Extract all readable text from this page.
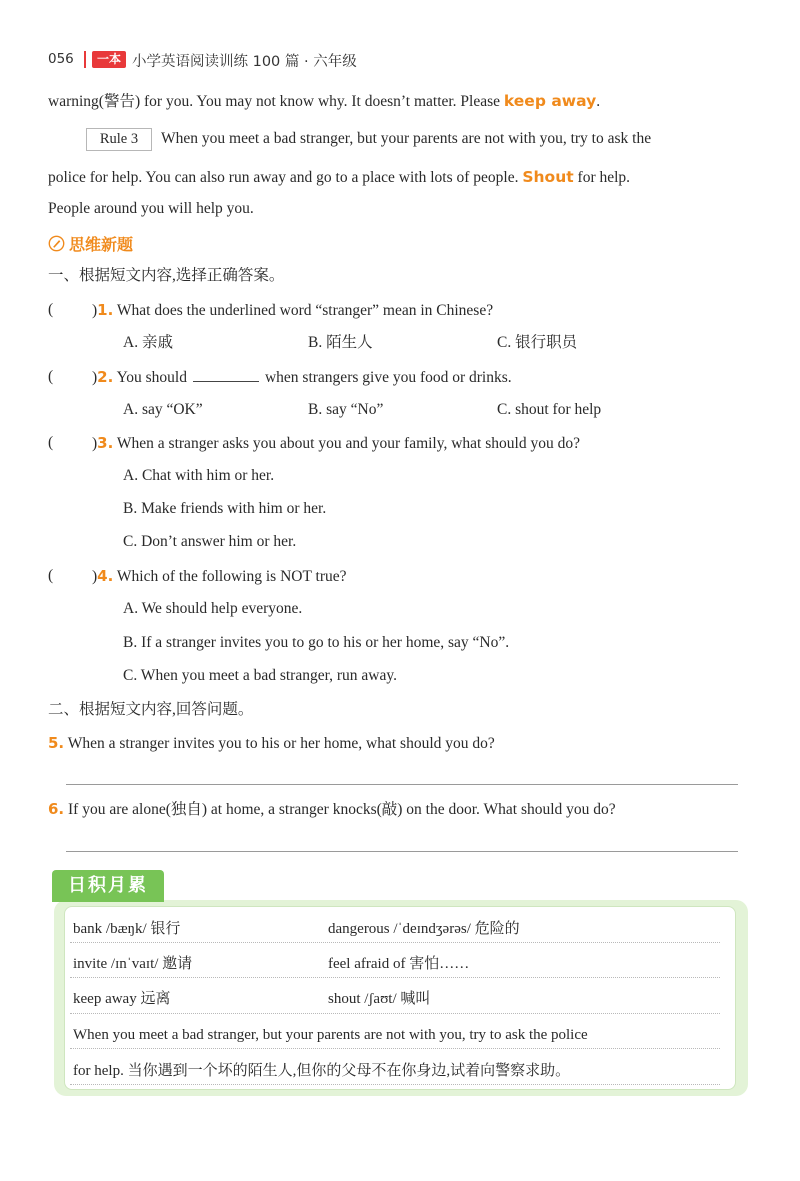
056	一本 小学英语阅读训练 100 篇 · 六年级
warning(警告) for you. You may not know why. It doesn’t matter. Please keep away.
Rule 3	When you meet a bad stranger, but your parents are not with you, try to ask the
police for help. You can also run away and go to a place with lots of people. Shout for help.
People around you will help you.
思维新题
一、根据短文内容,选择正确答案。
(	)1. What does the underlined word “stranger” mean in Chinese?
A. 亲戚	B. 陌生人	C. 银行职员
(	)2. You should	when strangers give you food or drinks.
A. say “OK”	B. say “No”	C. shout for help
(	)3. When a stranger asks you about you and your family, what should you do?
A. Chat with him or her.
B. Make friends with him or her.
C. Don’t answer him or her.
(	)4. Which of the following is NOT true?
A. We should help everyone.
B. If a stranger invites you to go to his or her home, say “No”.
C. When you meet a bad stranger, run away.
二、根据短文内容,回答问题。
5. When a stranger invites you to his or her home, what should you do?
6. If you are alone(独自) at home, a stranger knocks(敲) on the door. What should you do?
日积月累
bank /bæŋk/ 银行	dangerous /ˈdeɪndʒərəs/ 危险的
invite /ɪnˈvaɪt/ 邀请	feel afraid of 害怕……
keep away 远离	shout /ʃaʊt/ 喊叫
When you meet a bad stranger, but your parents are not with you, try to ask the police
for help. 当你遇到一个坏的陌生人,但你的父母不在你身边,试着向警察求助。
